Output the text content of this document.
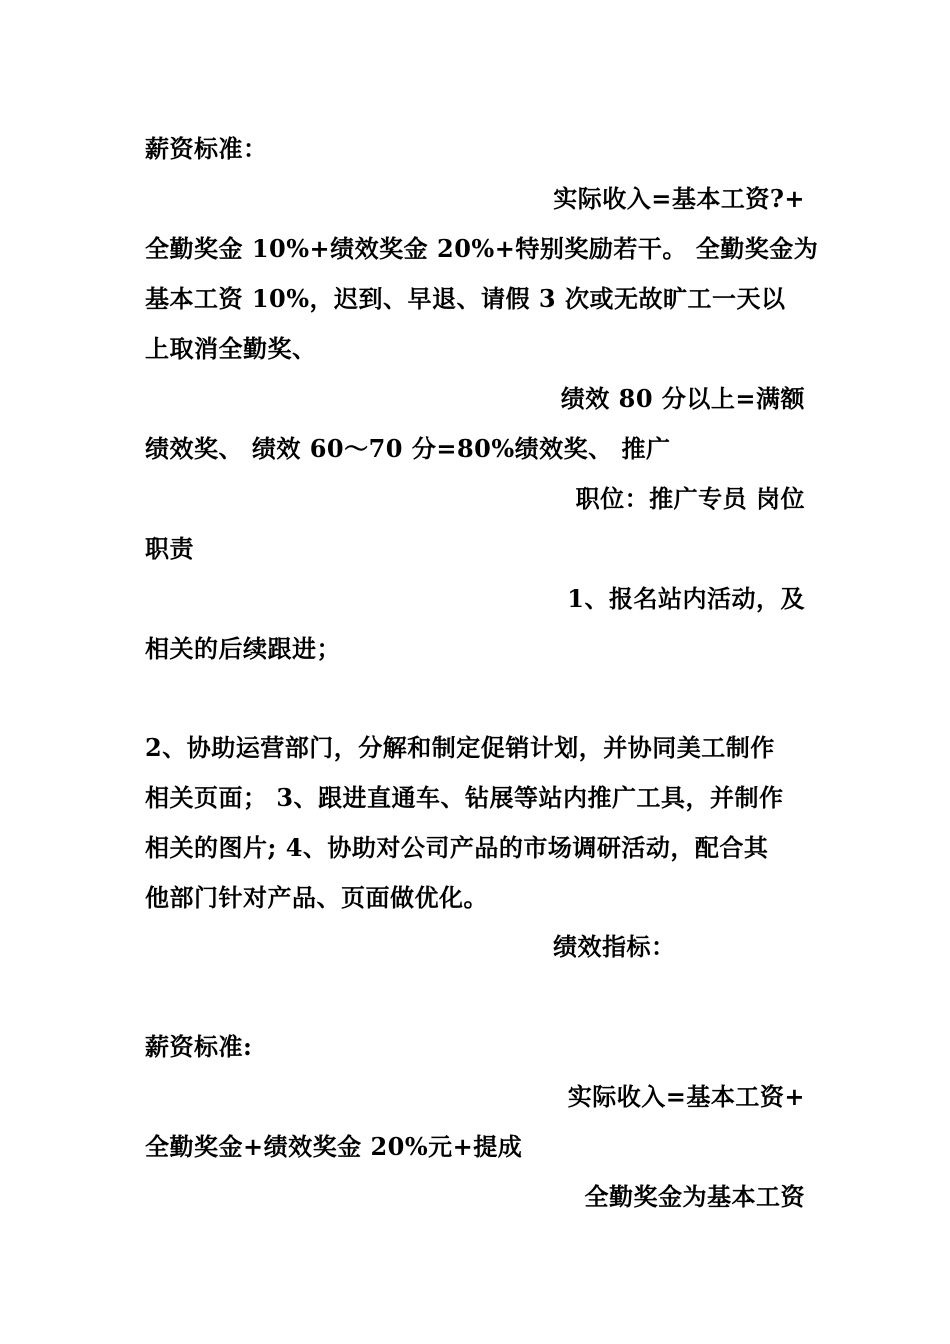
薪资标准：
实际收入=基本工资?+
全勤奖金 10%+绩效奖金 20%+特别奖励若干。 全勤奖金为
基本工资 10%，迟到、早退、请假 3 次或无故旷工一天以
上取消全勤奖、
绩效 80 分以上=满额
绩效奖、 绩效 60～70 分=80%绩效奖、 推广
职位：推广专员 岗位
职责
1、报名站内活动，及
相关的后续跟进；
2、协助运营部门，分解和制定促销计划，并协同美工制作
相关页面； 3、跟进直通车、钻展等站内推广工具，并制作
相关的图片; 4、协助对公司产品的市场调研活动，配合其
他部门针对产品、页面做优化。
绩效指标：
薪资标准:
实际收入=基本工资+
全勤奖金+绩效奖金 20%元+提成
全勤奖金为基本工资
